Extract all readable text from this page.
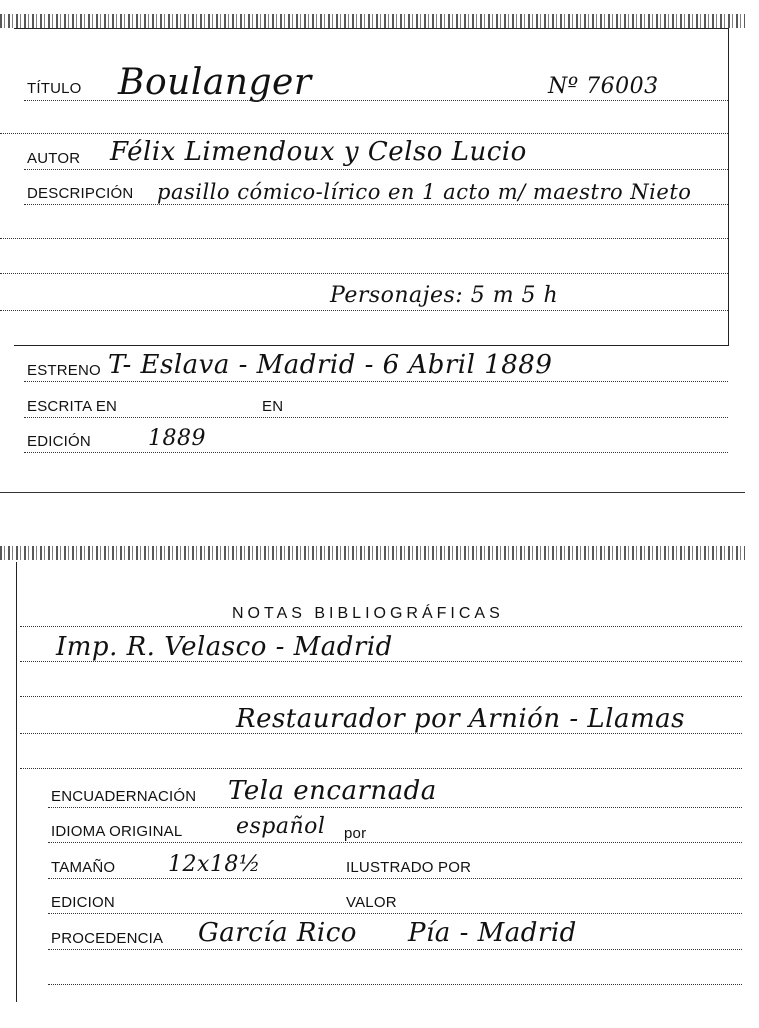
TÍTULO Boulanger	Nº 76003
AUTOR Félix Limendoux y Celso Lucio
DESCRIPCIÓN pasillo cómico-lírico en 1 acto m/ maestro Nieto
Personajes: 5 m 5 h
ESTRENO T- Eslava - Madrid - 6 Abril 1889
ESCRITA EN	EN
EDICIÓN	1889
NOTAS BIBLIOGRÁFICAS
Imp. R. Velasco - Madrid
Restaurador por Arnión - Llamas
ENCUADERNACIÓN Tela encarnada
IDIOMA ORIGINAL español por
TAMAÑO 12x18½	ILUSTRADO POR
EDICION	VALOR
PROCEDENCIA García Rico Pía - Madrid
